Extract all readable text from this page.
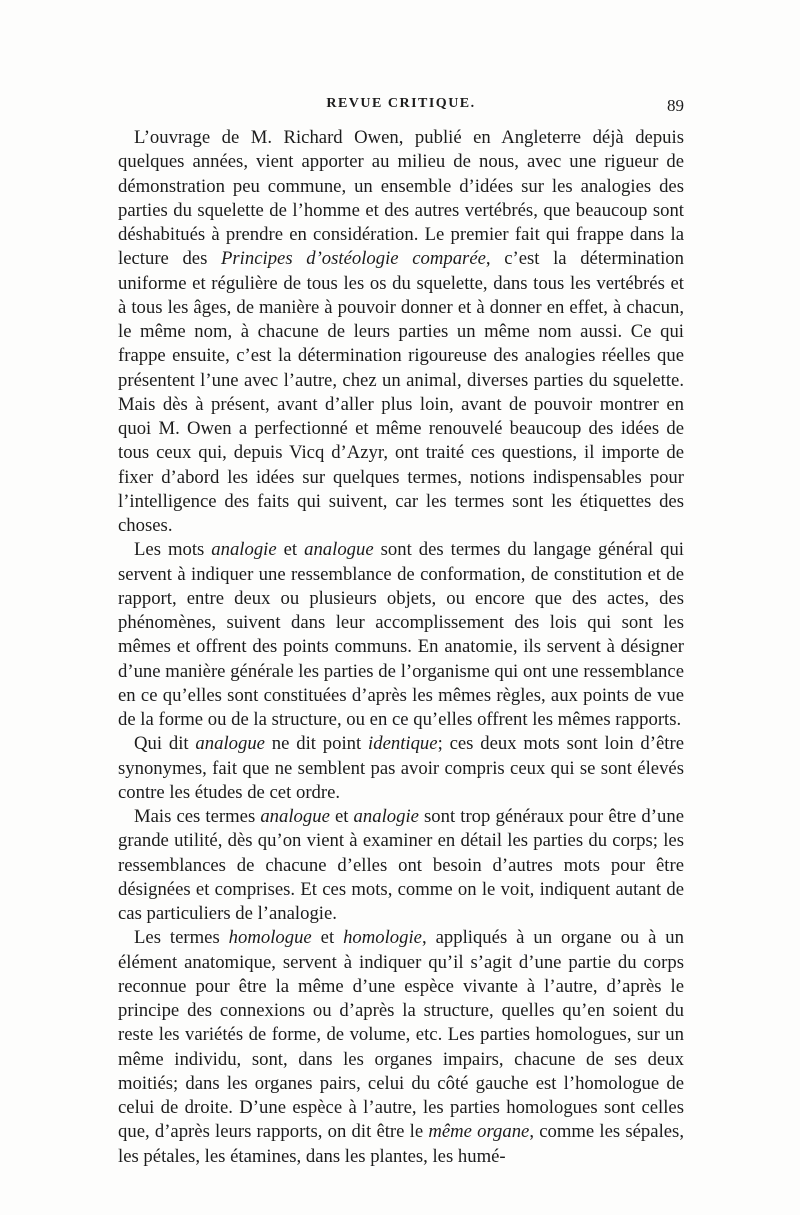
REVUE CRITIQUE.	89

L’ouvrage de M. Richard Owen, publié en Angleterre déjà depuis quelques années, vient apporter au milieu de nous, avec une rigueur de démonstration peu commune, un ensemble d’idées sur les analogies des parties du squelette de l’homme et des autres vertébrés, que beaucoup sont déshabitués à prendre en considération. Le premier fait qui frappe dans la lecture des Principes d’ostéologie comparée, c’est la détermination uniforme et régulière de tous les os du squelette, dans tous les vertébrés et à tous les âges, de manière à pouvoir donner et à donner en effet, à chacun, le même nom, à chacune de leurs parties un même nom aussi. Ce qui frappe ensuite, c’est la détermination rigoureuse des analogies réelles que présentent l’une avec l’autre, chez un animal, diverses parties du squelette. Mais dès à présent, avant d’aller plus loin, avant de pouvoir montrer en quoi M. Owen a perfectionné et même renouvelé beaucoup des idées de tous ceux qui, depuis Vicq d’Azyr, ont traité ces questions, il importe de fixer d’abord les idées sur quelques termes, notions indispensables pour l’intelligence des faits qui suivent, car les termes sont les étiquettes des choses.

Les mots analogie et analogue sont des termes du langage général qui servent à indiquer une ressemblance de conformation, de constitution et de rapport, entre deux ou plusieurs objets, ou encore que des actes, des phénomènes, suivent dans leur accomplissement des lois qui sont les mêmes et offrent des points communs. En anatomie, ils servent à désigner d’une manière générale les parties de l’organisme qui ont une ressemblance en ce qu’elles sont constituées d’après les mêmes règles, aux points de vue de la forme ou de la structure, ou en ce qu’elles offrent les mêmes rapports.

Qui dit analogue ne dit point identique; ces deux mots sont loin d’être synonymes, fait que ne semblent pas avoir compris ceux qui se sont élevés contre les études de cet ordre.

Mais ces termes analogue et analogie sont trop généraux pour être d’une grande utilité, dès qu’on vient à examiner en détail les parties du corps; les ressemblances de chacune d’elles ont besoin d’autres mots pour être désignées et comprises. Et ces mots, comme on le voit, indiquent autant de cas particuliers de l’analogie.

Les termes homologue et homologie, appliqués à un organe ou à un élément anatomique, servent à indiquer qu’il s’agit d’une partie du corps reconnue pour être la même d’une espèce vivante à l’autre, d’après le principe des connexions ou d’après la structure, quelles qu’en soient du reste les variétés de forme, de volume, etc. Les parties homologues, sur un même individu, sont, dans les organes impairs, chacune de ses deux moitiés; dans les organes pairs, celui du côté gauche est l’homologue de celui de droite. D’une espèce à l’autre, les parties homologues sont celles que, d’après leurs rapports, on dit être le même organe, comme les sépales, les pétales, les étamines, dans les plantes, les humé-
